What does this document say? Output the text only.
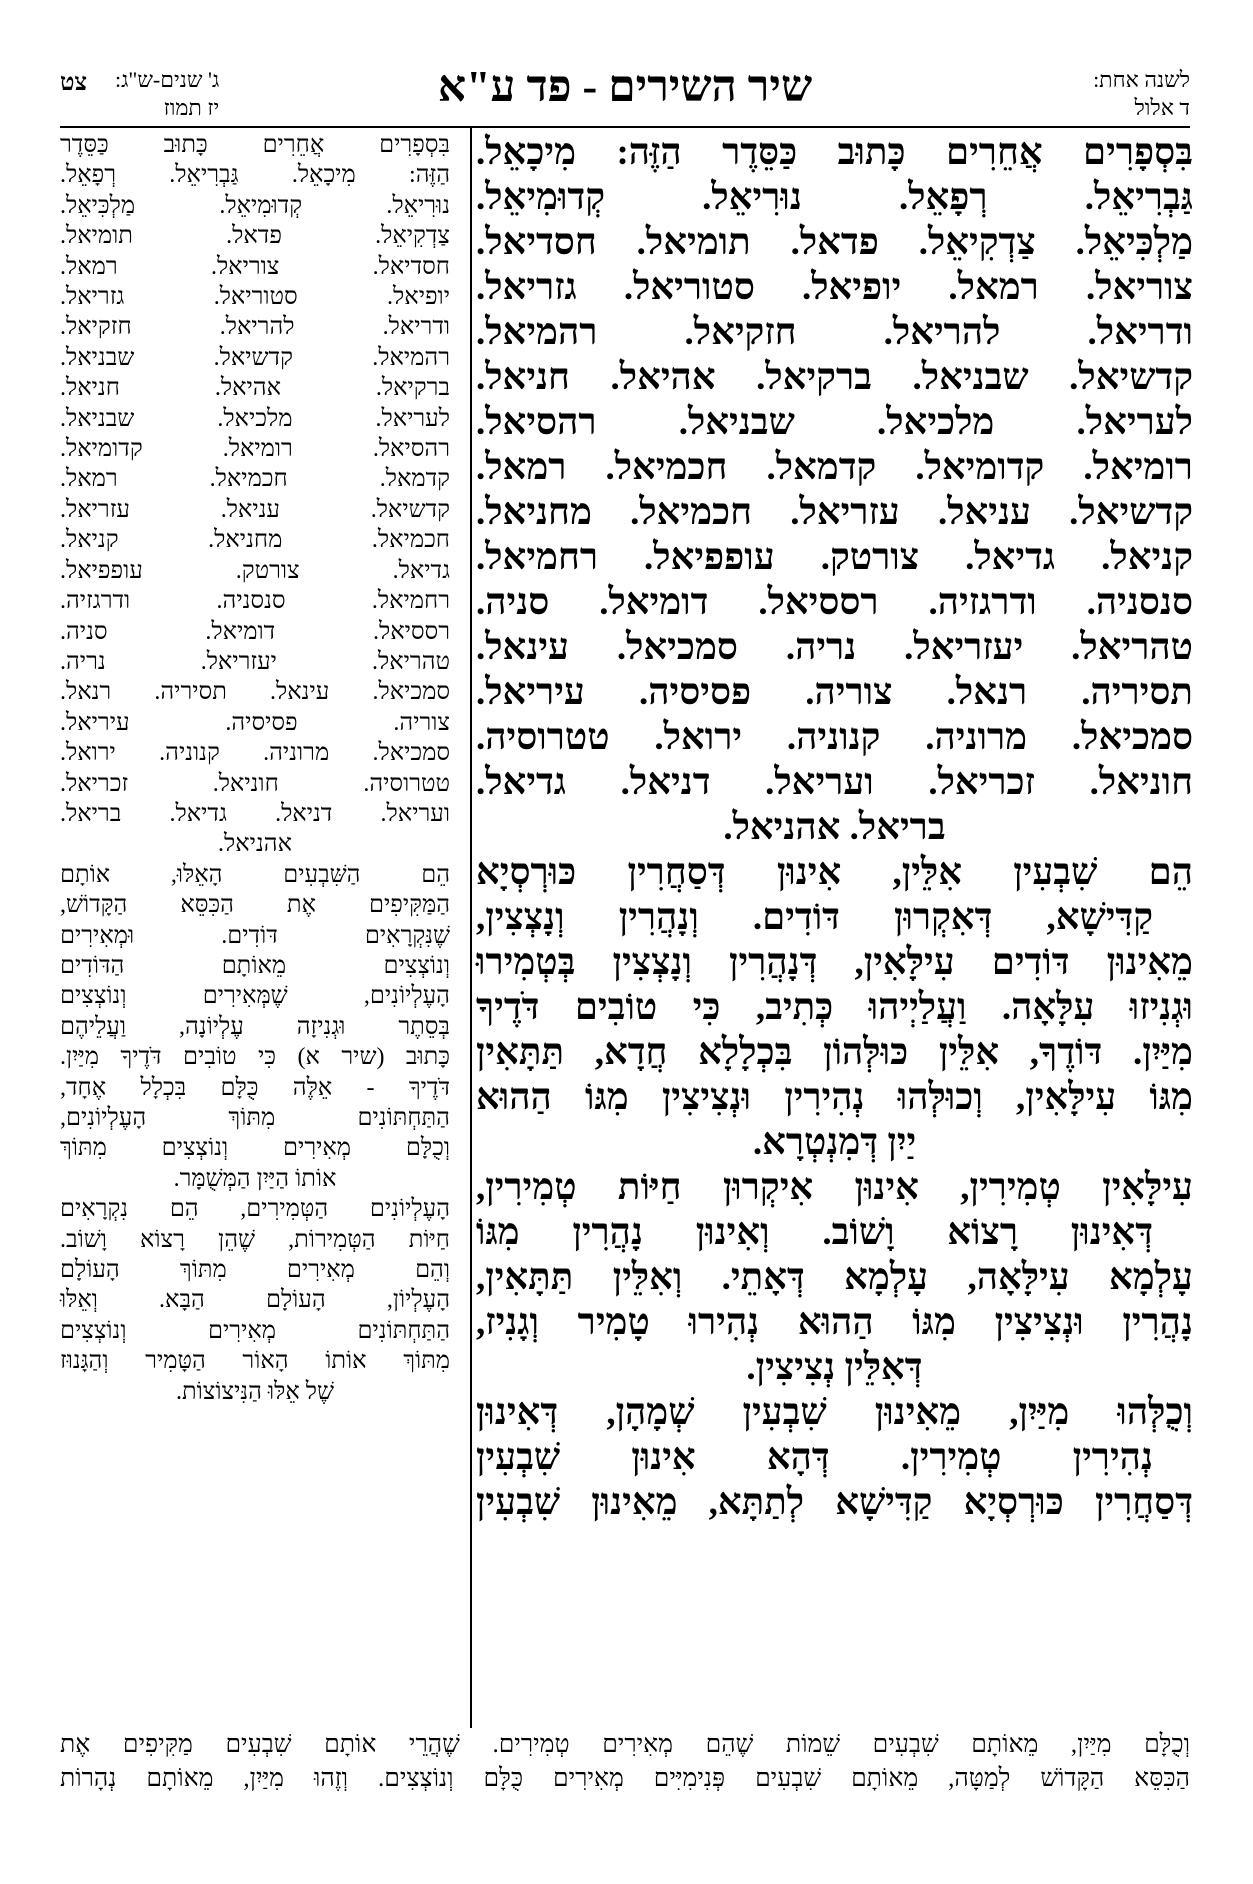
לשנה אחת:
ד אלול
שיר השירים - פד ע"א
ג' שנים-ש"ג:
יז תמוז
צט
בִּסְפָרִים אֲחֵרִים כָּתוּב כַּסֵּדֶר הַזֶּה: מִיכָאֵל.
גַּבְרִיאֵל. רְפָאֵל. נוּרִיאֵל. קְדוּמִיאֵל.
מַלְכִּיאֵל. צַדְקִיאֵל. פדאל. תומיאל. חסדיאל.
צוריאל. רמאל. יופיאל. סטוריאל. גזריאל.
ודריאל. להריאל. חזקיאל. רהמיאל.
קדשיאל. שבניאל. ברקיאל. אהיאל. חניאל.
לעריאל. מלכיאל. שבניאל. רהסיאל.
רומיאל. קדומיאל. קדמאל. חכמיאל. רמאל.
קדשיאל. עניאל. עזריאל. חכמיאל. מחניאל.
קניאל. גדיאל. צורטק. עופפיאל. רחמיאל.
סנסניה. ודרגזיה. רססיאל. דומיאל. סניה.
טהריאל. יעזריאל. נריה. סמכיאל. עינאל.
תסיריה. רנאל. צוריה. פסיסיה. עיריאל.
סמכיאל. מרוניה. קנוניה. ירואל. טטרוסיה.
חוניאל. זכריאל. ועריאל. דניאל. גדיאל.
בריאל. אהניאל.
הֵם שִׁבְעִין אִלֵּין, אִינוּן דְּסַחֲרִין כּוּרְסְיָא
קַדִּישָׁא, דְּאִקְרוּן דּוֹדִים. וְנָהֲרִין וְנָצְצִין,
מֵאִינוּן דּוֹדִים עִילָּאִין, דְּנָהֲרִין וְנָצְצִין בְּטְמִירוּ
וּגְנִיזוּ עִלָּאָה. וַעֲלַיְיהוּ כְּתִיב, כִּי טוֹבִים דֹּדֶיךָ
מִיַּיִן. דּוֹדֶךָ, אִלֵּין כּוּלְּהוֹן בִּכְלָלָא חֲדָא, תַּתָּאִין
מִגּוֹ עִילָּאִין, וְכוּלְּהוּ נְהִירִין וּנְצִיצִין מִגּוֹ הַהוּא
יַיִן דְּמִנְטְרָא.
עִילָּאִין טְמִירִין, אִינוּן אִיקְרוּן חַיּוֹת טְמִירִין,
דְּאִינוּן רָצוֹא וָשׁוֹב. וְאִינוּן נָהֲרִין מִגּוֹ
עָלְמָא עִילָּאָה, עָלְמָא דְּאָתֵי. וְאִלֵּין תַּתָּאִין,
נָהֲרִין וּנְצִיצִין מִגּוֹ הַהוּא נְהִירוּ טָמִיר וְגָנִיז,
דְּאִלֵּין נְצִיצִין.
וְכֻלְּהוּ מִיַּיִן, מֵאִינוּן שִׁבְעִין שְׁמָהָן, דְּאִינוּן
נְהִירִין טְמִירִין. דְּהָא אִינוּן שִׁבְעִין
דְּסַחֲרִין כּוּרְסְיָא קַדִּישָׁא לְתַתָּא, מֵאִינוּן שִׁבְעִין
בִּסְפָרִים אֲחֵרִים כָּתוּב כַּסֵּדֶר
הַזֶּה: מִיכָאֵל. גַּבְרִיאֵל. רְפָאֵל.
נוּרִיאֵל. קְדוּמִיאֵל. מַלְכִּיאֵל.
צַדְקִיאֵל. פדאל. תומיאל.
חסדיאל. צוריאל. רמאל.
יופיאל. סטוריאל. גזריאל.
ודריאל. להריאל. חזקיאל.
רהמיאל. קדשיאל. שבניאל.
ברקיאל. אהיאל. חניאל.
לעריאל. מלכיאל. שבניאל.
רהסיאל. רומיאל. קדומיאל.
קדמאל. חכמיאל. רמאל.
קדשיאל. עניאל. עזריאל.
חכמיאל. מחניאל. קניאל.
גדיאל. צורטק. עופפיאל.
רחמיאל. סנסניה. ודרגזיה.
רססיאל. דומיאל. סניה.
טהריאל. יעזריאל. נריה.
סמכיאל. עינאל. תסיריה. רנאל.
צוריה. פסיסיה. עיריאל.
סמכיאל. מרוניה. קנוניה. ירואל.
טטרוסיה. חוניאל. זכריאל.
ועריאל. דניאל. גדיאל. בריאל.
אהניאל.
הֵם הַשִּׁבְעִים הָאֵלּוּ, אוֹתָם
הַמַּקִּיפִים אֶת הַכִּסֵּא הַקָּדוֹשׁ,
שֶׁנִּקְרָאִים דּוֹדִים. וּמְאִירִים
וְנוֹצְצִים מֵאוֹתָם הַדּוֹדִים
הָעֶלְיוֹנִים, שֶׁמְּאִירִים וְנוֹצְצִים
בְּסֵתֶר וּגְנִיזָה עֶלְיוֹנָה, וַעֲלֵיהֶם
כָּתוּב (שיר א) כִּי טוֹבִים דֹּדֶיךָ מִיַּיִן.
דֹּדֶיךָ - אֵלֶּה כֻּלָּם בִּכְלָל אֶחָד,
הַתַּחְתּוֹנִים מִתּוֹךְ הָעֶלְיוֹנִים,
וְכֻלָּם מְאִירִים וְנוֹצְצִים מִתּוֹךְ
אוֹתוֹ הַיַּיִן הַמְּשֻׁמָּר.
הָעֶלְיוֹנִים הַטְּמִירִים, הֵם נִקְרָאִים
חַיּוֹת הַטְּמִירוֹת, שֶׁהֵן רָצוֹא וָשׁוֹב.
וְהֵם מְאִירִים מִתּוֹךְ הָעוֹלָם
הָעֶלְיוֹן, הָעוֹלָם הַבָּא. וְאֵלּוּ
הַתַּחְתּוֹנִים מְאִירִים וְנוֹצְצִים
מִתּוֹךְ אוֹתוֹ הָאוֹר הַטָּמִיר וְהַגָּנוּז
שֶׁל אֵלּוּ הַנִּיצוֹצוֹת.
וְכֻלָּם מִיַּיִן, מֵאוֹתָם שִׁבְעִים שֵׁמוֹת שֶׁהֵם מְאִירִים טְמִירִים. שֶׁהֲרֵי אוֹתָם שִׁבְעִים מַקִּיפִים אֶת
הַכִּסֵּא הַקָּדוֹשׁ לְמַטָּה, מֵאוֹתָם שִׁבְעִים פְּנִימִיִּים מְאִירִים כֻּלָּם וְנוֹצְצִים. וְזֶהוּ מִיַּיִן, מֵאוֹתָם נְהָרוֹת
